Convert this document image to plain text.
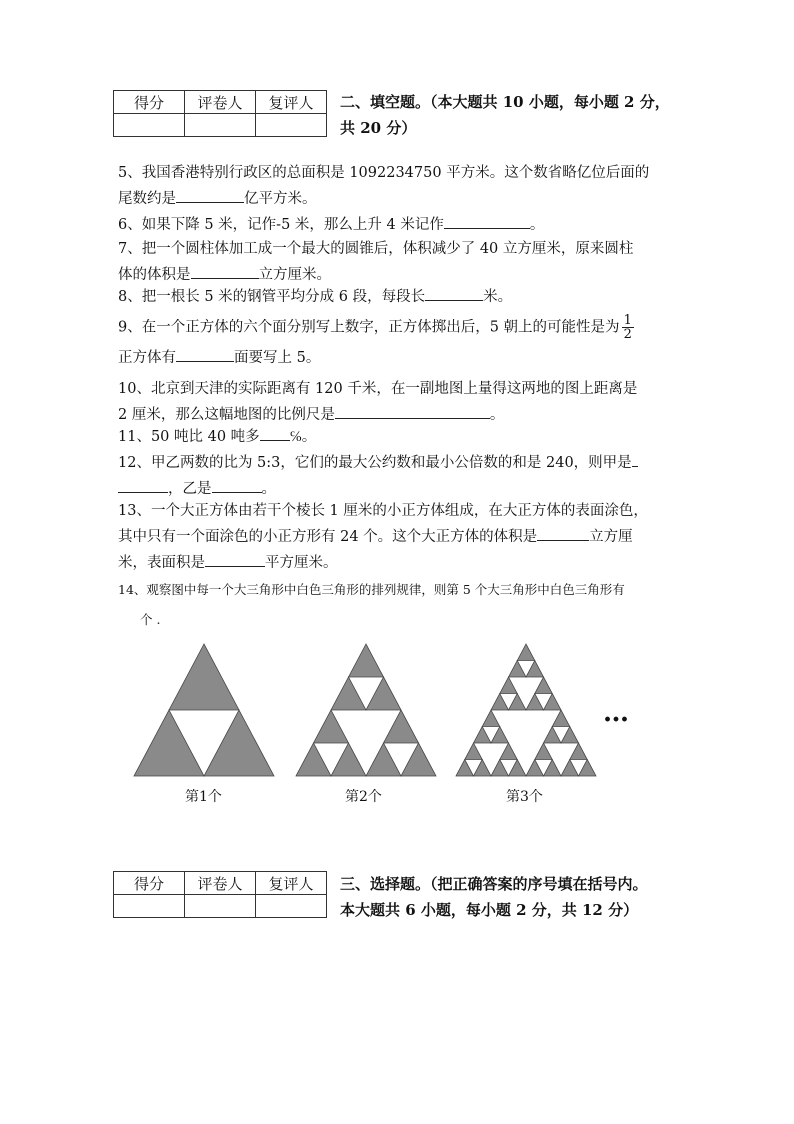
得分	评卷人	复评人
		二、填空题。（本大题共 10 小题，每小题 2 分，
共 20 分）
5、我国香港特别行政区的总面积是 1092234750 平方米。这个数省略亿位后面的
尾数约是	亿平方米。
6、如果下降 5 米，记作-5 米，那么上升 4 米记作	。
7、把一个圆柱体加工成一个最大的圆锥后，体积减少了 40 立方厘米，原来圆柱
体的体积是	立方厘米。
8、把一根长 5 米的钢管平均分成 6 段，每段长	米。
9、在一个正方体的六个面分别写上数字，正方体掷出后，5 朝上的可能性是为 $\frac{1}{2}$
正方体有	面要写上 5。
10、北京到天津的实际距离有 120 千米，在一副地图上量得这两地的图上距离是
2 厘米，那么这幅地图的比例尺是	。
11、50 吨比 40 吨多 ℅。
12、甲乙两数的比为 5:3，它们的最大公约数和最小公倍数的和是 240，则甲是
，乙是	。
13、一个大正方体由若干个棱长 1 厘米的小正方体组成，在大正方体的表面涂色，
其中只有一个面涂色的小正方形有 24 个。这个大正方体的体积是	立方厘
米，表面积是	平方厘米。
14、观察图中每一个大三角形中白色三角形的排列规律，则第 5 个大三角形中白色三角形有
个 .
…
第1个	第2个	第3个
得分	评卷人	复评人
		三、选择题。（把正确答案的序号填在括号内。
本大题共 6 小题，每小题 2 分，共 12 分）
